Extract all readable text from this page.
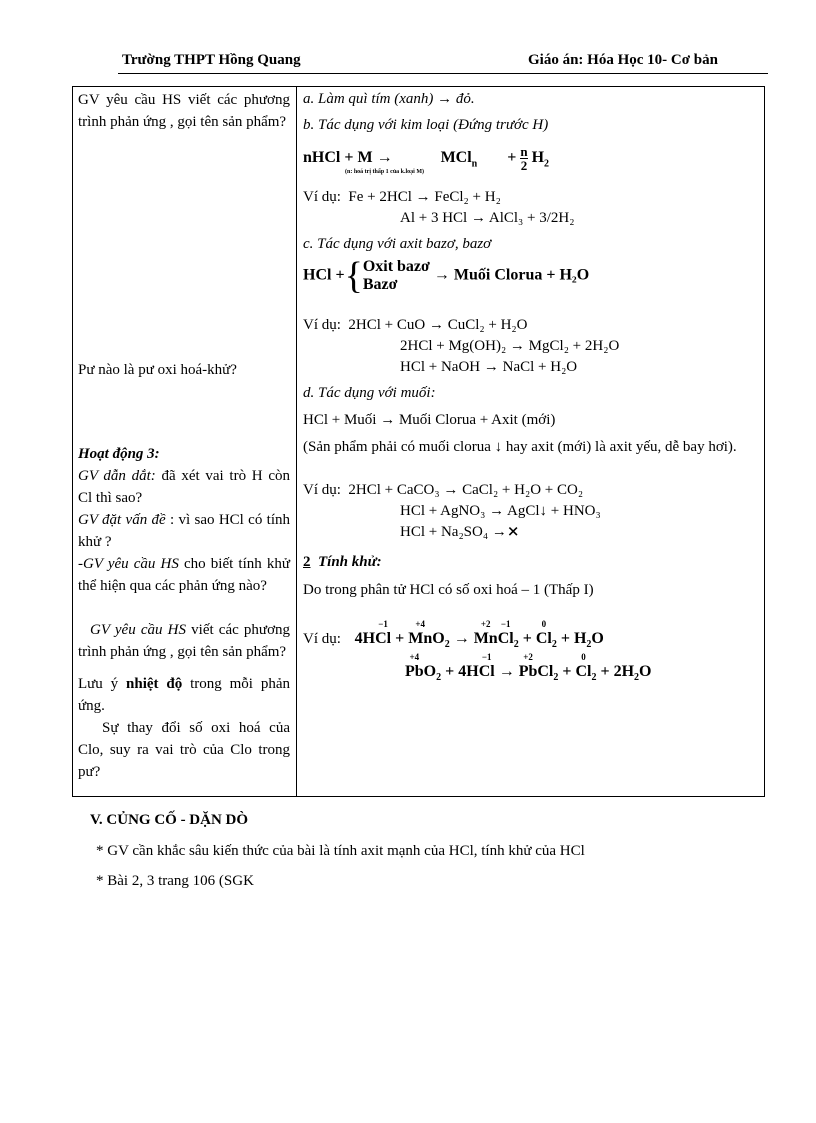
Trường THPT Hồng Quang	Giáo án: Hóa Học 10- Cơ bản
GV yêu cầu HS viết các phương trình phản ứng , gọi tên sản phẩm?
Pư nào là pư oxi hoá-khử?
Hoạt động 3:
GV dẫn dắt: đã xét vai trò H còn Cl thì sao?
GV đặt vấn đề : vì sao HCl có tính khử ?
-GV yêu cầu HS cho biết tính khử thể hiện qua các phản ứng nào?
GV yêu cầu HS viết các phương trình phản ứng , gọi tên sản phẩm?
Lưu ý nhiệt độ trong mỗi phản ứng.
Sự thay đổi số oxi hoá của Clo, suy ra vai trò của Clo trong pư?
a. Làm quì tím (xanh) → đỏ.
b. Tác dụng với kim loại (Đứng trước H)
nHCl + M →	$MCl_n + \frac{n}{2} H_2$
(n: hoá trị thấp 1 của k.loại M)
Ví dụ: Fe + 2HCl → FeCl₂ + H₂
Al + 3 HCl → AlCl₃ + 3/2H₂
c. Tác dụng với axit bazơ, bazơ
HCl +{ Oxit bazơ
Bazơ
→ Muối Clorua + H₂O
Ví dụ: 2HCl + CuO → CuCl₂ + H₂O
2HCl + Mg(OH)₂ → MgCl₂ + 2H₂O
HCl + NaOH → NaCl + H₂O
d. Tác dụng với muối:
HCl + Muối → Muối Clorua + Axit (mới)
(Sản phẩm phải có muối clorua ↓ hay axit (mới) là axit yếu, dễ bay hơi).
Ví dụ: 2HCl + CaCO₃ → CaCl₂ + H₂O + CO₂
HCl + AgNO₃ → AgCl↓ + HNO₃
HCl + Na₂SO₄ →⨯
2 Tính khử:
Do trong phân tử HCl có số oxi hoá – 1 (Thấp I)
Ví dụ: 4HCl
−1
+ Mn
+4
$O_2 \to Mn$
+2
Cl
−1
$_2$ + Cl
0
$_2 + H_2O$
Pb
+4
$O_2 + 4HCl$
−1
→ Pb
+2
$Cl_2 + Cl$
0
$_2 + 2H_2O$
V. CỦNG CỐ - DẶN DÒ
* GV cần khắc sâu kiến thức của bài là tính axit mạnh của HCl, tính khử của HCl
* Bài 2, 3 trang 106 (SGK
